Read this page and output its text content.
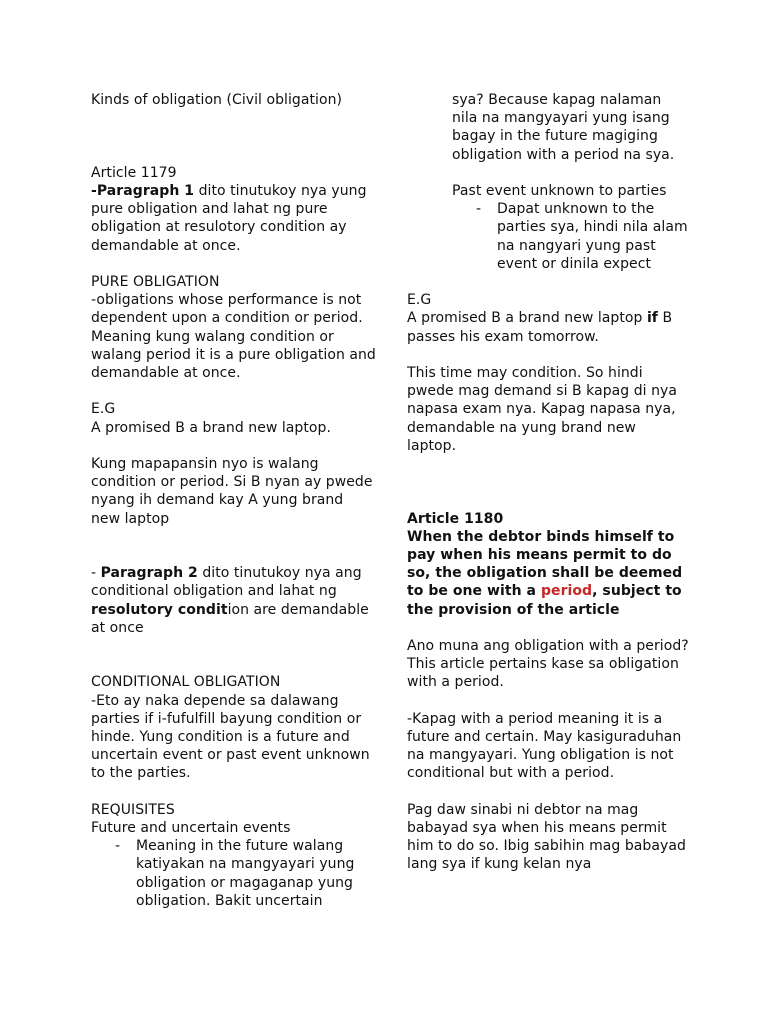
Kinds of obligation (Civil obligation)

Article 1179

-Paragraph 1 dito tinutukoy nya yung pure obligation and lahat ng pure obligation at resulotory condition ay demandable at once.

PURE OBLIGATION

-obligations whose performance is not dependent upon a condition or period. Meaning kung walang condition or walang period it is a pure obligation and demandable at once.

E.G

A promised B a brand new laptop.

Kung mapapansin nyo is walang condition or period. Si B nyan ay pwede nyang ih demand kay A yung brand new laptop

- Paragraph 2 dito tinutukoy nya ang conditional obligation and lahat ng resolutory condition are demandable at once

CONDITIONAL OBLIGATION

-Eto ay naka depende sa dalawang parties if i-fufulfill bayung condition or hinde. Yung condition is a future and uncertain event or past event unknown to the parties.

REQUISITES

Future and uncertain events

-	Meaning in the future walang katiyakan na mangyayari yung obligation or magaganap yung obligation. Bakit uncertain

sya? Because kapag nalaman nila na mangyayari yung isang bagay in the future magiging obligation with a period na sya.

Past event unknown to parties

-	Dapat unknown to the parties sya, hindi nila alam na nangyari yung past event or dinila expect

E.G

A promised B a brand new laptop if B passes his exam tomorrow.

This time may condition. So hindi pwede mag demand si B kapag di nya napasa exam nya. Kapag napasa nya, demandable na yung brand new laptop.

Article 1180

When the debtor binds himself to pay when his means permit to do so, the obligation shall be deemed to be one with a period, subject to the provision of the article

Ano muna ang obligation with a period? This article pertains kase sa obligation with a period.

-Kapag with a period meaning it is a future and certain. May kasiguraduhan na mangyayari. Yung obligation is not conditional but with a period.

Pag daw sinabi ni debtor na mag babayad sya when his means permit him to do so. Ibig sabihin mag babayad lang sya if kung kelan nya
